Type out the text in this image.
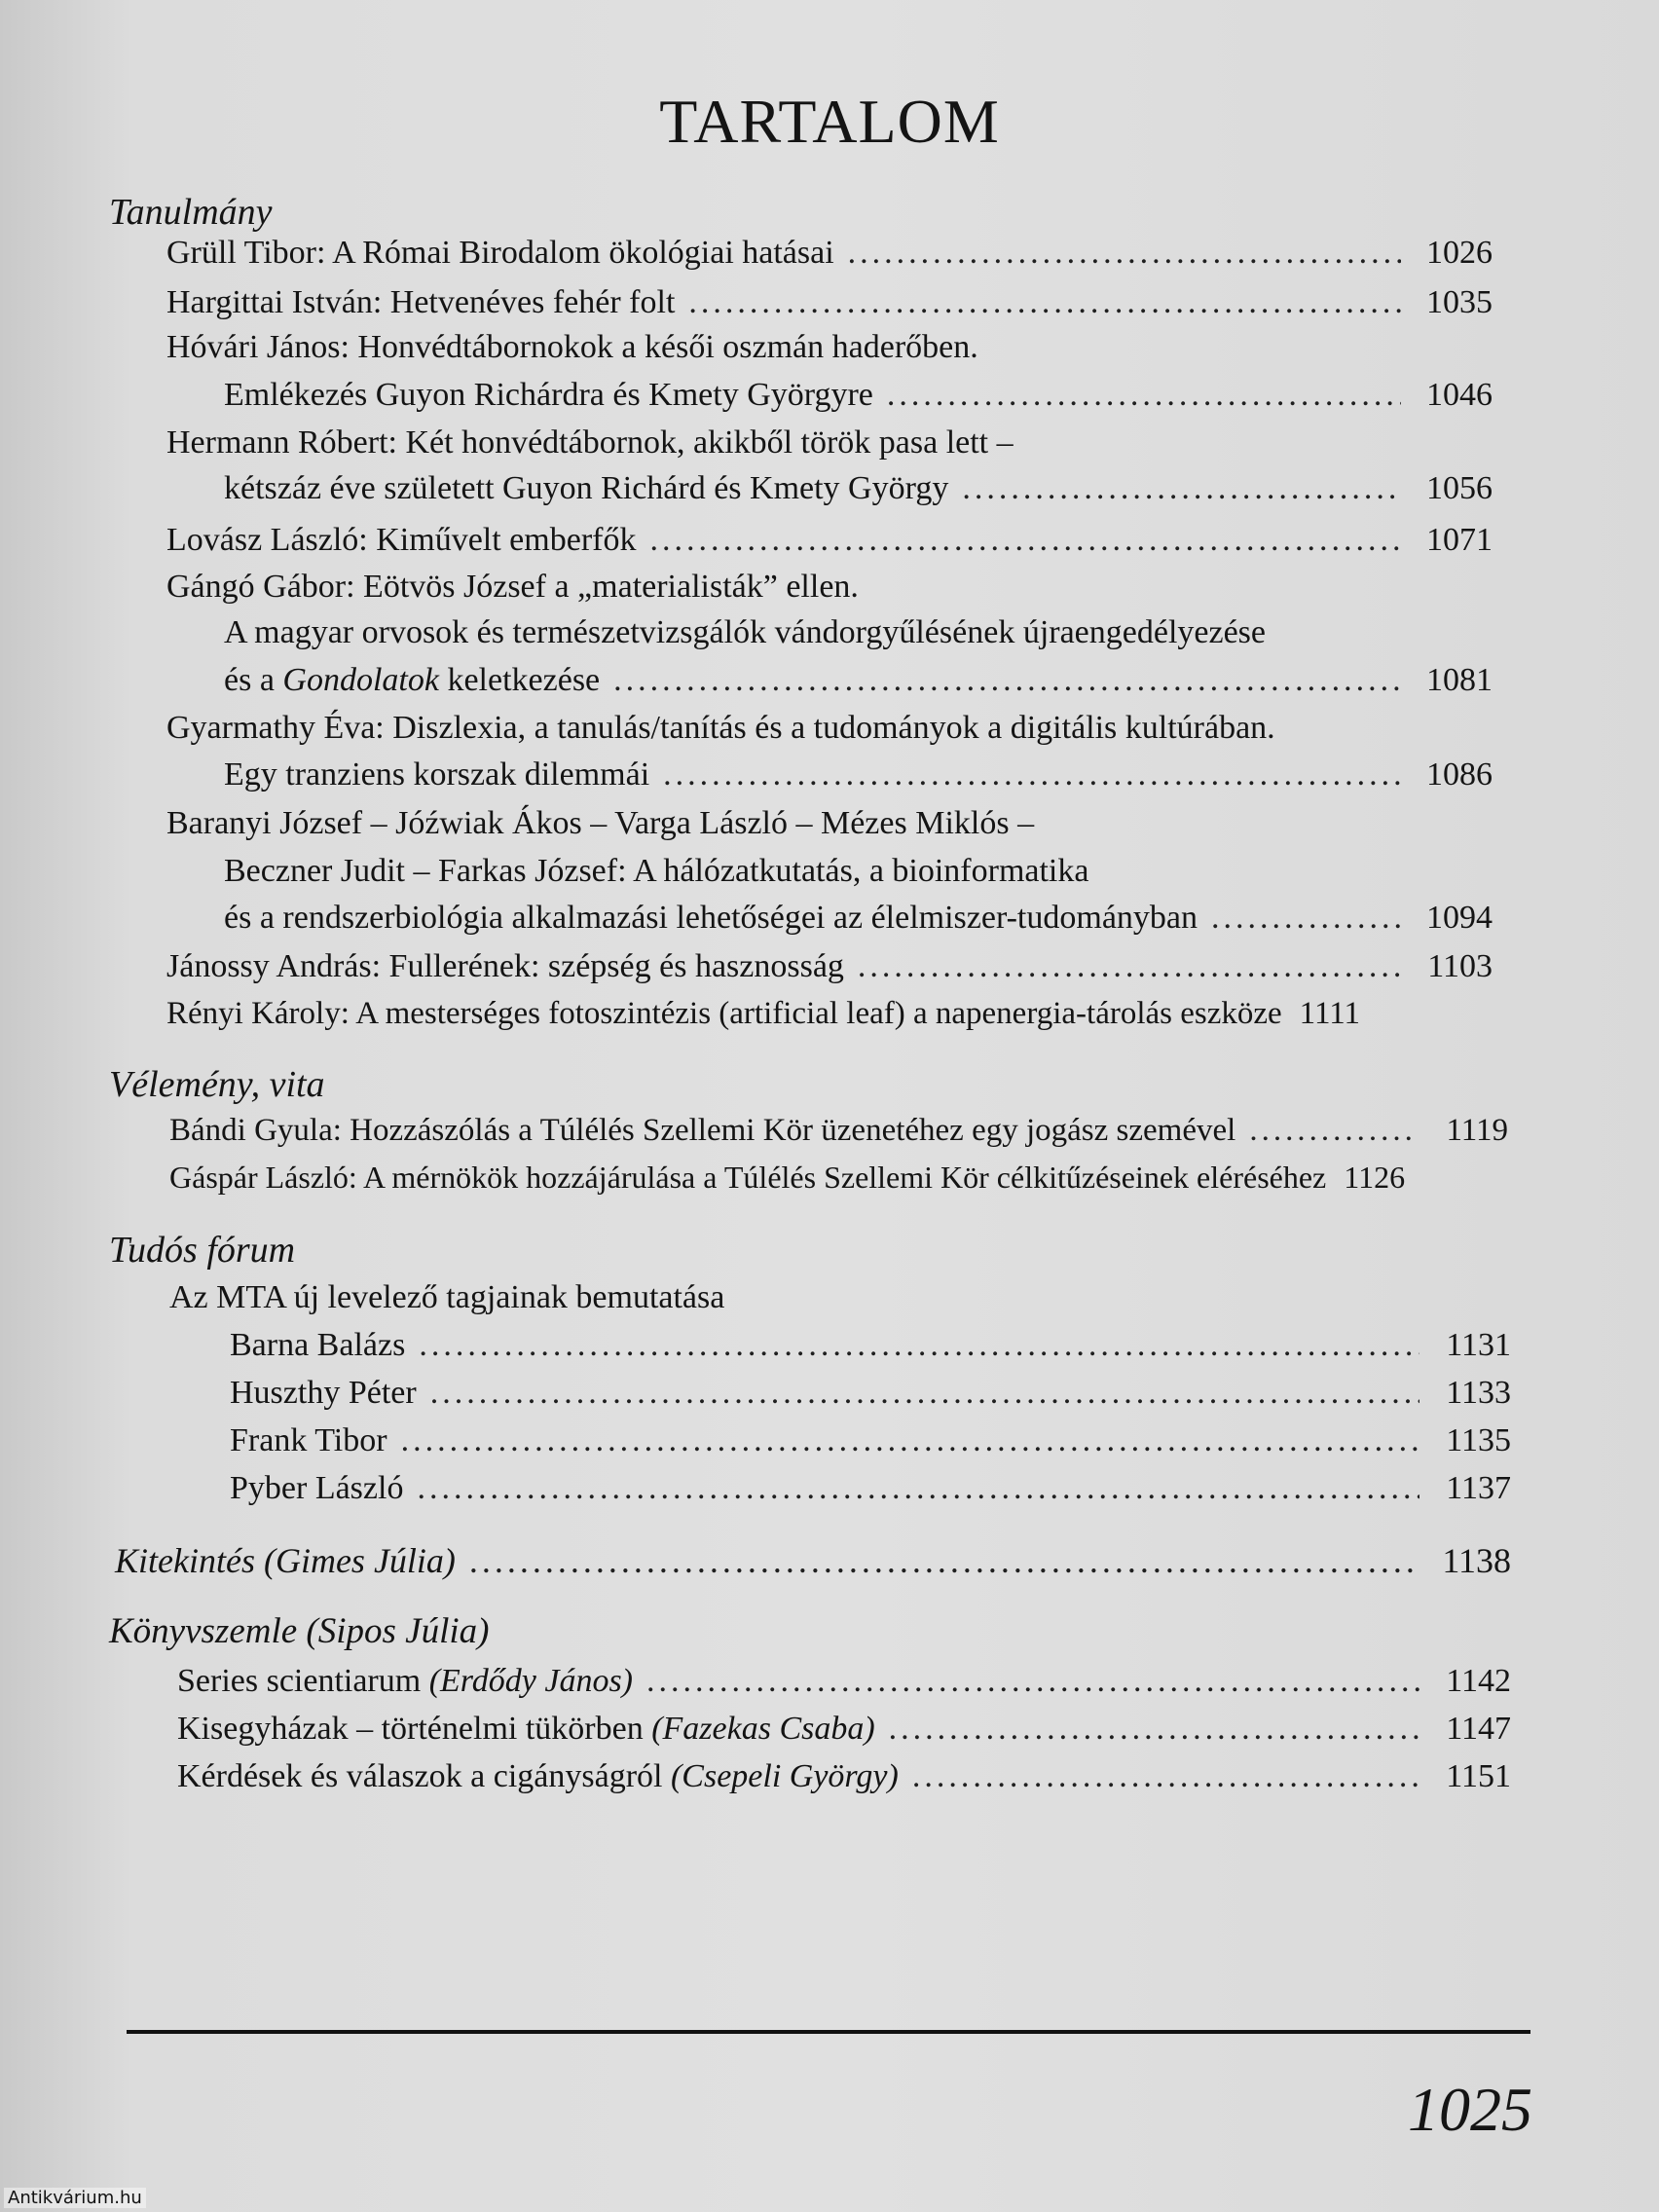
TARTALOM
Tanulmány
Grüll Tibor: A Római Birodalom ökológiai hatásai .....	1026
Hargittai István: Hetvenéves fehér folt .....	1035
Hóvári János: Honvédtábornokok a késői oszmán haderőben.
Emlékezés Guyon Richárdra és Kmety Györgyre .....	1046
Hermann Róbert: Két honvédtábornok, akikből török pasa lett –
kétszáz éve született Guyon Richárd és Kmety György .....	1056
Lovász László: Kiművelt emberfők .....	1071
Gángó Gábor: Eötvös József a „materialisták” ellen.
A magyar orvosok és természetvizsgálók vándorgyűlésének újraengedélyezése
és a Gondolatok keletkezése .....	1081
Gyarmathy Éva: Diszlexia, a tanulás/tanítás és a tudományok a digitális kultúrában.
Egy tranziens korszak dilemmái .....	1086
Baranyi József – Jóźwiak Ákos – Varga László – Mézes Miklós –
Beczner Judit – Farkas József: A hálózatkutatás, a bioinformatika
és a rendszerbiológia alkalmazási lehetőségei az élelmiszer-tudományban .....	1094
Jánossy András: Fullerének: szépség és hasznosság .....	1103
Rényi Károly: A mesterséges fotoszintézis (artificial leaf) a napenergia-tárolás eszköze 1111
Vélemény, vita
Bándi Gyula: Hozzászólás a Túlélés Szellemi Kör üzenetéhez egy jogász szemével .....	1119
Gáspár László: A mérnökök hozzájárulása a Túlélés Szellemi Kör célkitűzéseinek eléréséhez 1126
Tudós fórum
Az MTA új levelező tagjainak bemutatása
Barna Balázs .....	1131
Huszthy Péter .....	1133
Frank Tibor .....	1135
Pyber László .....	1137
Kitekintés (Gimes Júlia) .....	1138
Könyvszemle (Sipos Júlia)
Series scientiarum (Erdődy János) .....	1142
Kisegyházak – történelmi tükörben (Fazekas Csaba) .....	1147
Kérdések és válaszok a cigányságról (Csepeli György) .....	1151
1025
Antikvárium.hu
